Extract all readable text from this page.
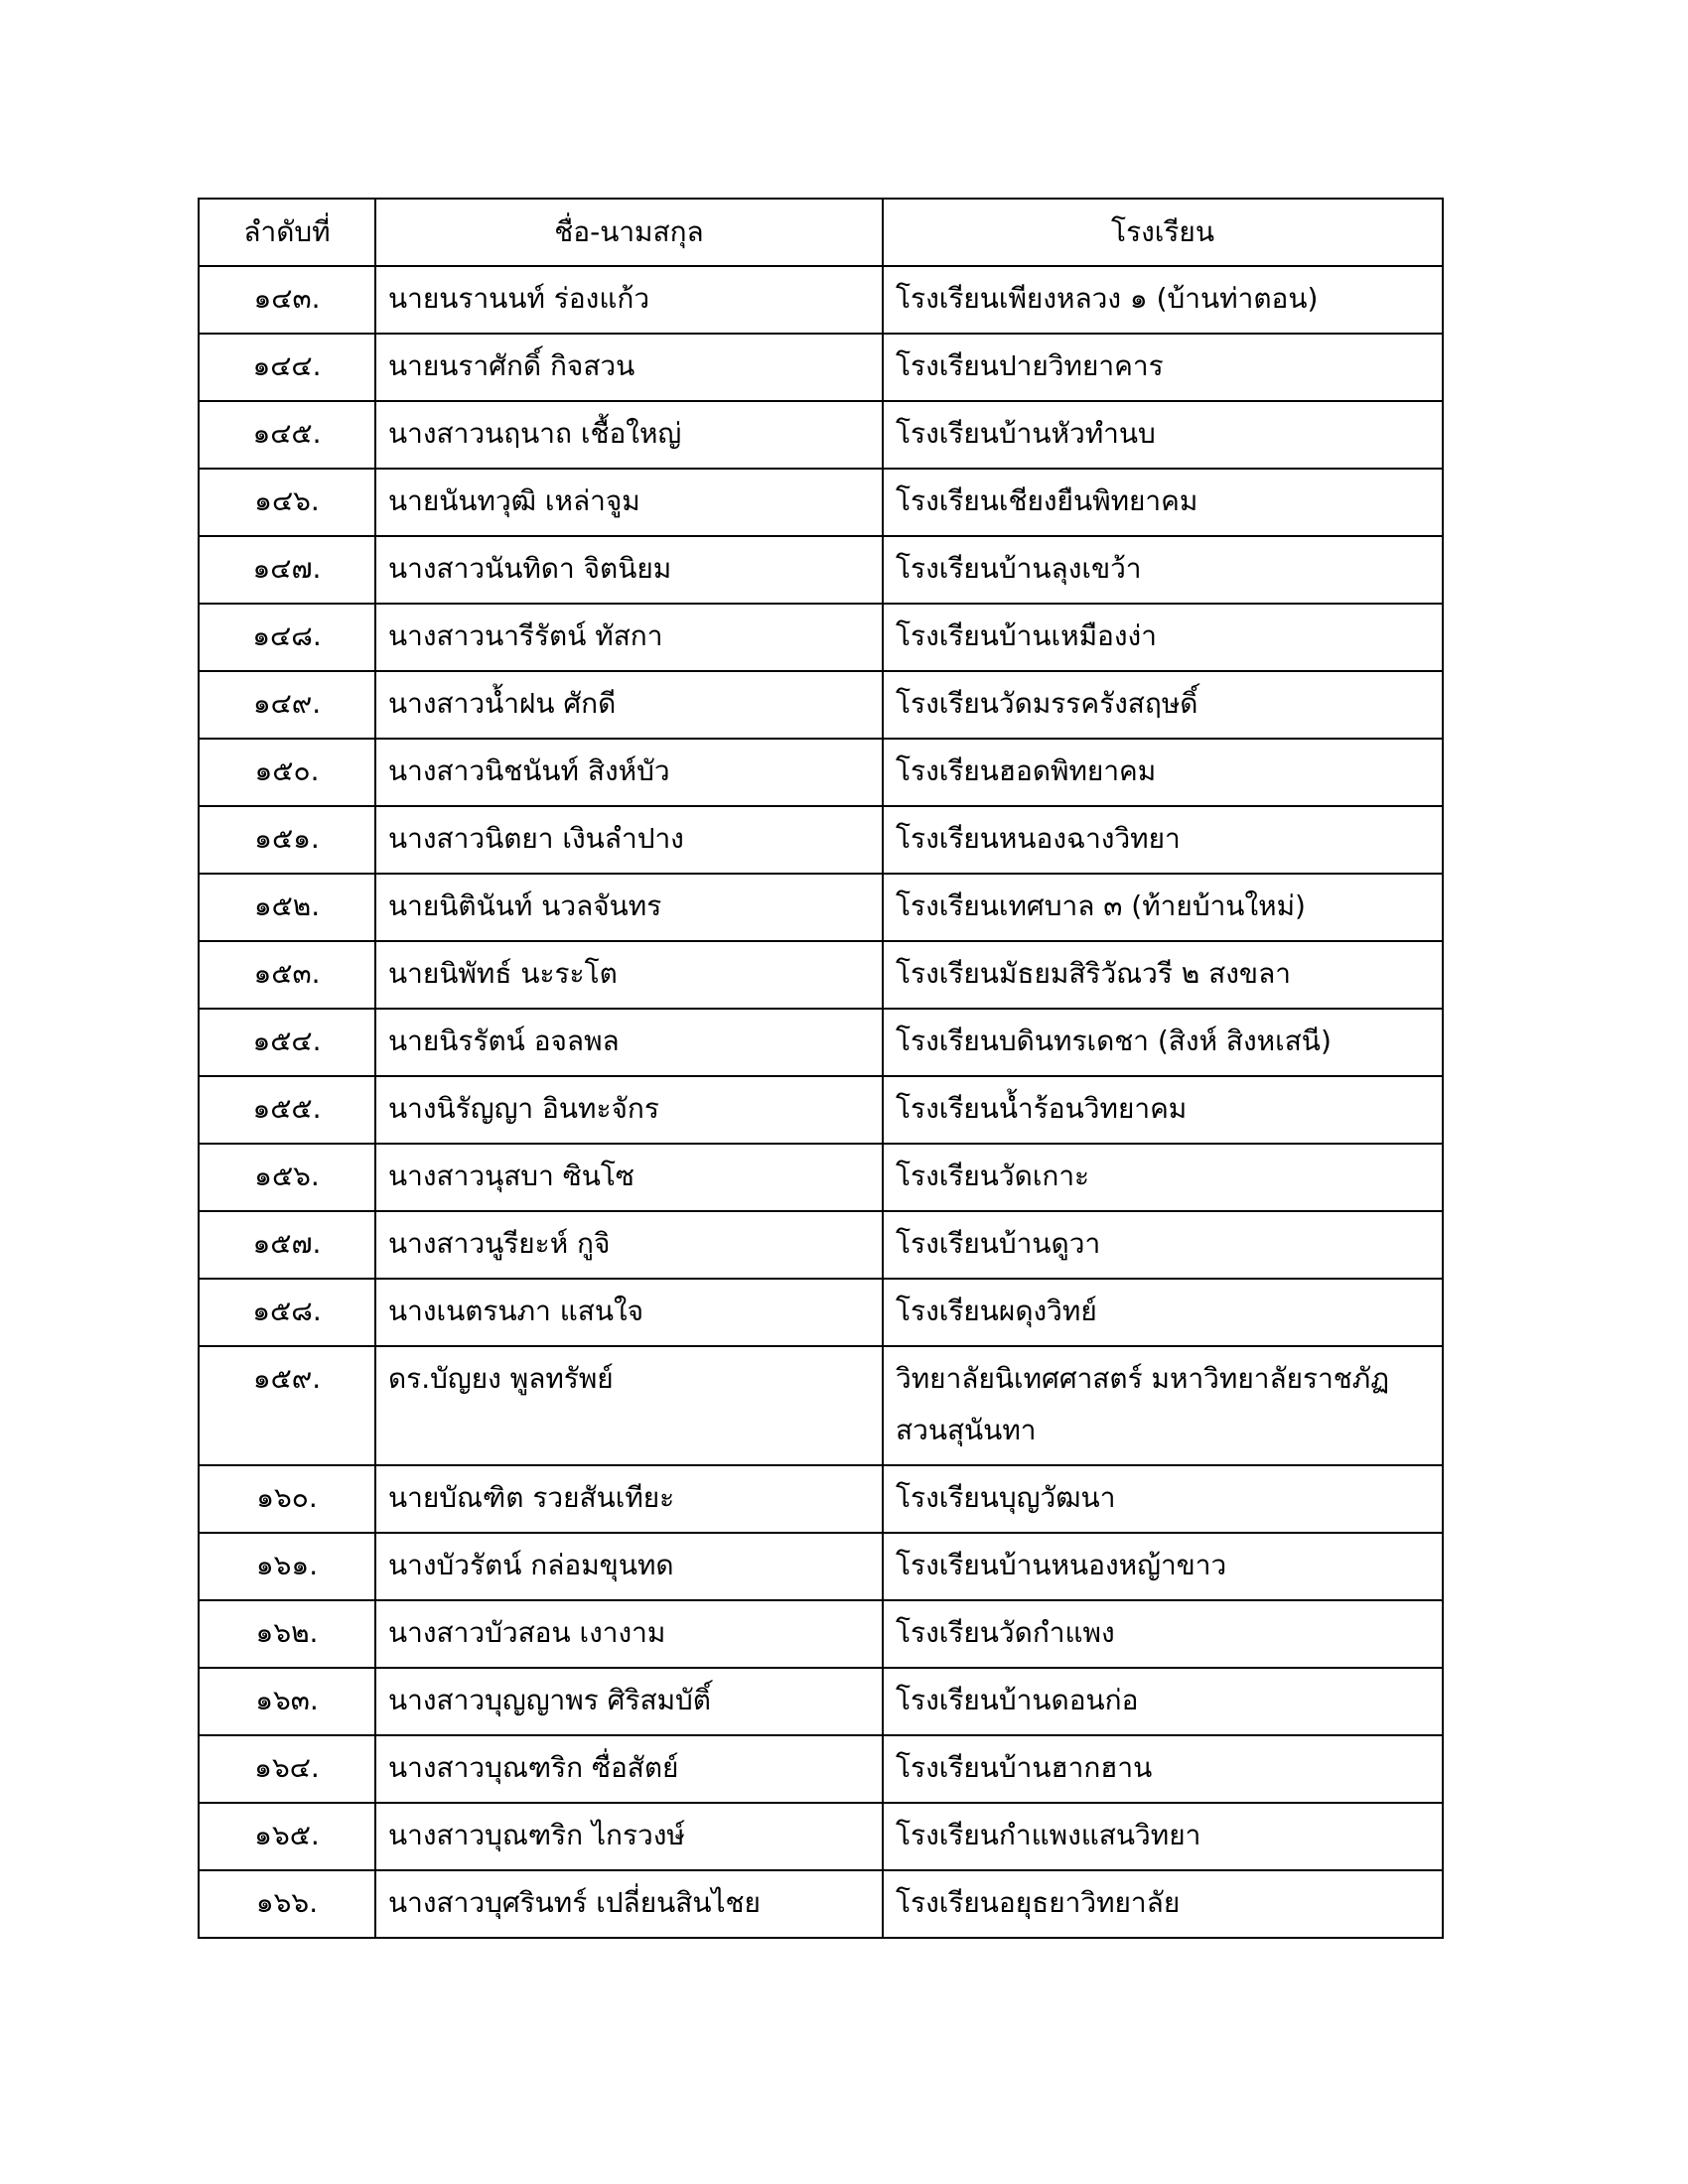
ลำดับที่	ชื่อ-นามสกุล	โรงเรียน
๑๔๓.	นายนรานนท์ ร่องแก้ว	โรงเรียนเพียงหลวง ๑ (บ้านท่าตอน)
๑๔๔.	นายนราศักดิ์ กิจสวน	โรงเรียนปายวิทยาคาร
๑๔๕.	นางสาวนฤนาถ เชื้อใหญ่	โรงเรียนบ้านหัวทำนบ
๑๔๖.	นายนันทวุฒิ เหล่าจูม	โรงเรียนเชียงยืนพิทยาคม
๑๔๗.	นางสาวนันทิดา จิตนิยม	โรงเรียนบ้านลุงเขว้า
๑๔๘.	นางสาวนารีรัตน์ ทัสกา	โรงเรียนบ้านเหมืองง่า
๑๔๙.	นางสาวน้ำฝน ศักดี	โรงเรียนวัดมรรครังสฤษดิ์
๑๕๐.	นางสาวนิชนันท์ สิงห์บัว	โรงเรียนฮอดพิทยาคม
๑๕๑.	นางสาวนิตยา เงินลำปาง	โรงเรียนหนองฉางวิทยา
๑๕๒.	นายนิตินันท์ นวลจันทร	โรงเรียนเทศบาล ๓ (ท้ายบ้านใหม่)
๑๕๓.	นายนิพัทธ์ นะระโต	โรงเรียนมัธยมสิริวัณวรี ๒ สงขลา
๑๕๔.	นายนิรรัตน์ อจลพล	โรงเรียนบดินทรเดชา (สิงห์ สิงหเสนี)
๑๕๕.	นางนิรัญญา อินทะจักร	โรงเรียนน้ำร้อนวิทยาคม
๑๕๖.	นางสาวนุสบา ซินโซ	โรงเรียนวัดเกาะ
๑๕๗.	นางสาวนูรียะห์ กูจิ	โรงเรียนบ้านดูวา
๑๕๘.	นางเนตรนภา แสนใจ	โรงเรียนผดุงวิทย์
๑๕๙.	ดร.บัญยง พูลทรัพย์	วิทยาลัยนิเทศศาสตร์ มหาวิทยาลัยราชภัฏสวนสุนันทา
๑๖๐.	นายบัณฑิต รวยสันเทียะ	โรงเรียนบุญวัฒนา
๑๖๑.	นางบัวรัตน์ กล่อมขุนทด	โรงเรียนบ้านหนองหญ้าขาว
๑๖๒.	นางสาวบัวสอน เงางาม	โรงเรียนวัดกำแพง
๑๖๓.	นางสาวบุญญาพร ศิริสมบัติ์	โรงเรียนบ้านดอนก่อ
๑๖๔.	นางสาวบุณฑริก ซื่อสัตย์	โรงเรียนบ้านฮากฮาน
๑๖๕.	นางสาวบุณฑริก ไกรวงษ์	โรงเรียนกำแพงแสนวิทยา
๑๖๖.	นางสาวบุศรินทร์ เปลี่ยนสินไชย	โรงเรียนอยุธยาวิทยาลัย
